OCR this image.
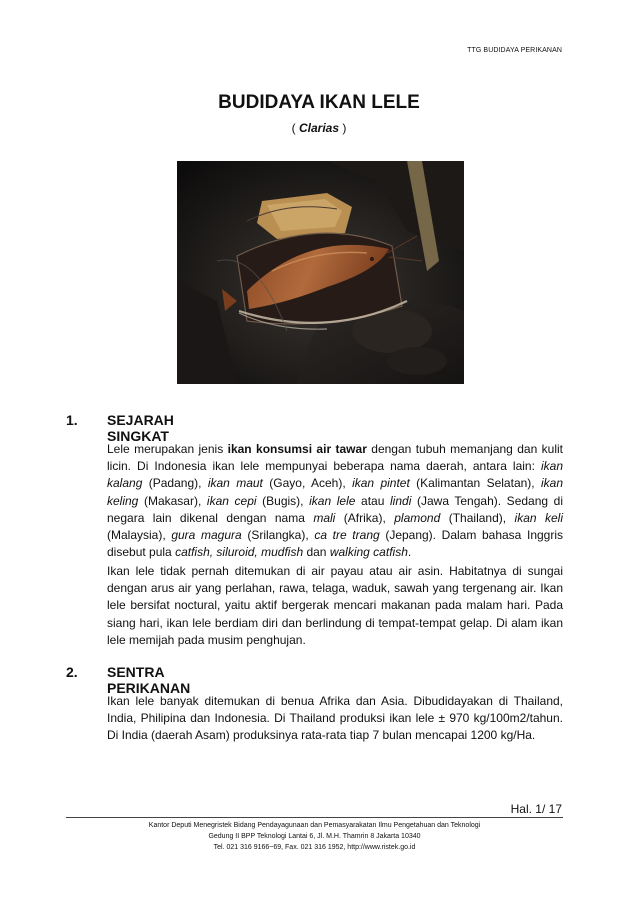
TTG BUDIDAYA PERIKANAN
BUDIDAYA IKAN LELE
( Clarias )
1. SEJARAH SINGKAT
Lele merupakan jenis ikan konsumsi air tawar dengan tubuh memanjang dan kulit licin. Di Indonesia ikan lele mempunyai beberapa nama daerah, antara lain: ikan kalang (Padang), ikan maut (Gayo, Aceh), ikan pintet (Kalimantan Selatan), ikan keling (Makasar), ikan cepi (Bugis), ikan lele atau lindi (Jawa Tengah). Sedang di negara lain dikenal dengan nama mali (Afrika), plamond (Thailand), ikan keli (Malaysia), gura magura (Srilangka), ca tre trang (Jepang). Dalam bahasa Inggris disebut pula catfish, siluroid, mudfish dan walking catfish.
Ikan lele tidak pernah ditemukan di air payau atau air asin. Habitatnya di sungai dengan arus air yang perlahan, rawa, telaga, waduk, sawah yang tergenang air. Ikan lele bersifat noctural, yaitu aktif bergerak mencari makanan pada malam hari. Pada siang hari, ikan lele berdiam diri dan berlindung di tempat-tempat gelap. Di alam ikan lele memijah pada musim penghujan.
2. SENTRA PERIKANAN
Ikan lele banyak ditemukan di benua Afrika dan Asia. Dibudidayakan di Thailand, India, Philipina dan Indonesia. Di Thailand produksi ikan lele ± 970 kg/100m2/tahun. Di India (daerah Asam) produksinya rata-rata tiap 7 bulan mencapai 1200 kg/Ha.
Hal. 1/ 17
Kantor Deputi Menegristek Bidang Pendayagunaan dan Pemasyarakatan Ilmu Pengetahuan dan Teknologi
Gedung II BPP Teknologi Lantai 6, Jl. M.H. Thamrin 8 Jakarta 10340
Tel. 021 316 9166~69, Fax. 021 316 1952, http://www.ristek.go.id
